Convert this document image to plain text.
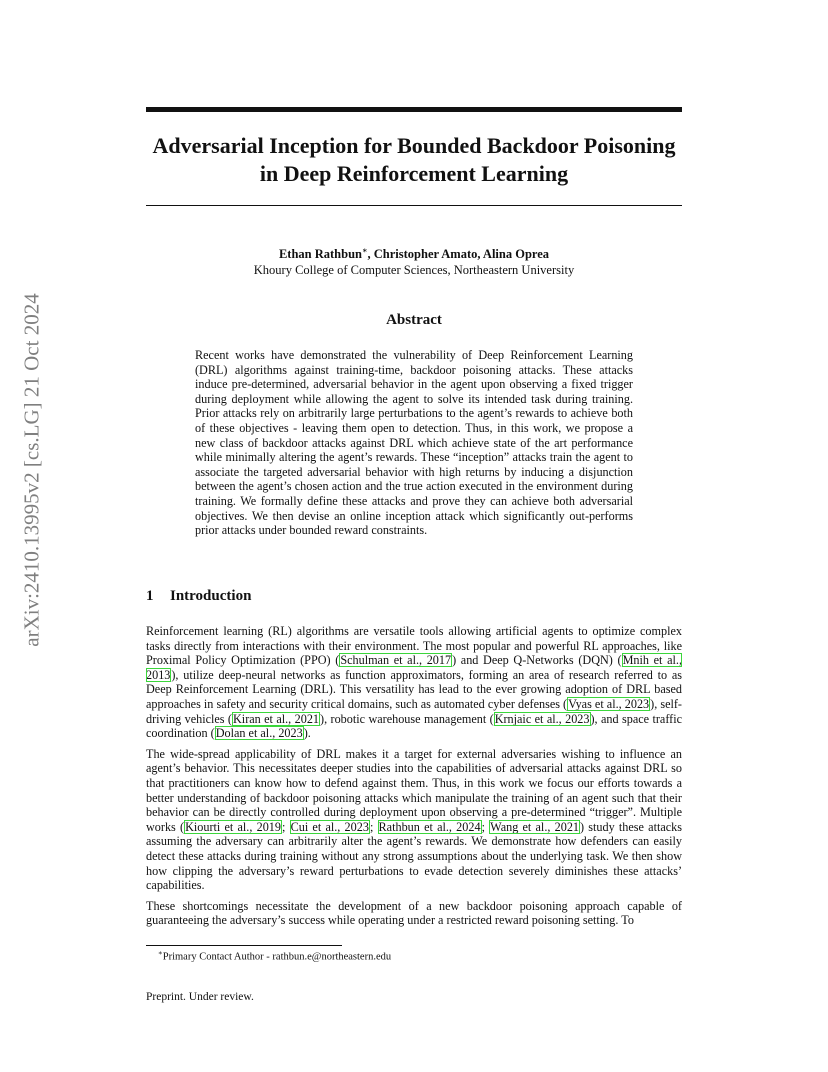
arXiv:2410.13995v2 [cs.LG] 21 Oct 2024
Adversarial Inception for Bounded Backdoor Poisoning in Deep Reinforcement Learning
Ethan Rathbun∗, Christopher Amato, Alina Oprea
Khoury College of Computer Sciences, Northeastern University
Abstract
Recent works have demonstrated the vulnerability of Deep Reinforcement Learning (DRL) algorithms against training-time, backdoor poisoning attacks. These attacks induce pre-determined, adversarial behavior in the agent upon observing a fixed trigger during deployment while allowing the agent to solve its intended task during training. Prior attacks rely on arbitrarily large perturbations to the agent’s rewards to achieve both of these objectives - leaving them open to detection. Thus, in this work, we propose a new class of backdoor attacks against DRL which achieve state of the art performance while minimally altering the agent’s rewards. These “inception” attacks train the agent to associate the targeted adversarial behavior with high returns by inducing a disjunction between the agent’s chosen action and the true action executed in the environment during training. We formally define these attacks and prove they can achieve both adversarial objectives. We then devise an online inception attack which significantly out-performs prior attacks under bounded reward constraints.
1 Introduction

Reinforcement learning (RL) algorithms are versatile tools allowing artificial agents to optimize complex tasks directly from interactions with their environment. The most popular and powerful RL approaches, like Proximal Policy Optimization (PPO) (Schulman et al., 2017) and Deep Q-Networks (DQN) (Mnih et al., 2013), utilize deep-neural networks as function approximators, forming an area of research referred to as Deep Reinforcement Learning (DRL). This versatility has lead to the ever growing adoption of DRL based approaches in safety and security critical domains, such as automated cyber defenses (Vyas et al., 2023), self-driving vehicles (Kiran et al., 2021), robotic warehouse management (Krnjaic et al., 2023), and space traffic coordination (Dolan et al., 2023).

The wide-spread applicability of DRL makes it a target for external adversaries wishing to influence an agent’s behavior. This necessitates deeper studies into the capabilities of adversarial attacks against DRL so that practitioners can know how to defend against them. Thus, in this work we focus our efforts towards a better understanding of backdoor poisoning attacks which manipulate the training of an agent such that their behavior can be directly controlled during deployment upon observing a pre-determined “trigger”. Multiple works (Kiourti et al., 2019; Cui et al., 2023; Rathbun et al., 2024; Wang et al., 2021) study these attacks assuming the adversary can arbitrarily alter the agent’s rewards. We demonstrate how defenders can easily detect these attacks during training without any strong assumptions about the underlying task. We then show how clipping the adversary’s reward perturbations to evade detection severely diminishes these attacks’ capabilities.

These shortcomings necessitate the development of a new backdoor poisoning approach capable of guaranteeing the adversary’s success while operating under a restricted reward poisoning setting. To

∗Primary Contact Author - rathbun.e@northeastern.edu
Preprint. Under review.
